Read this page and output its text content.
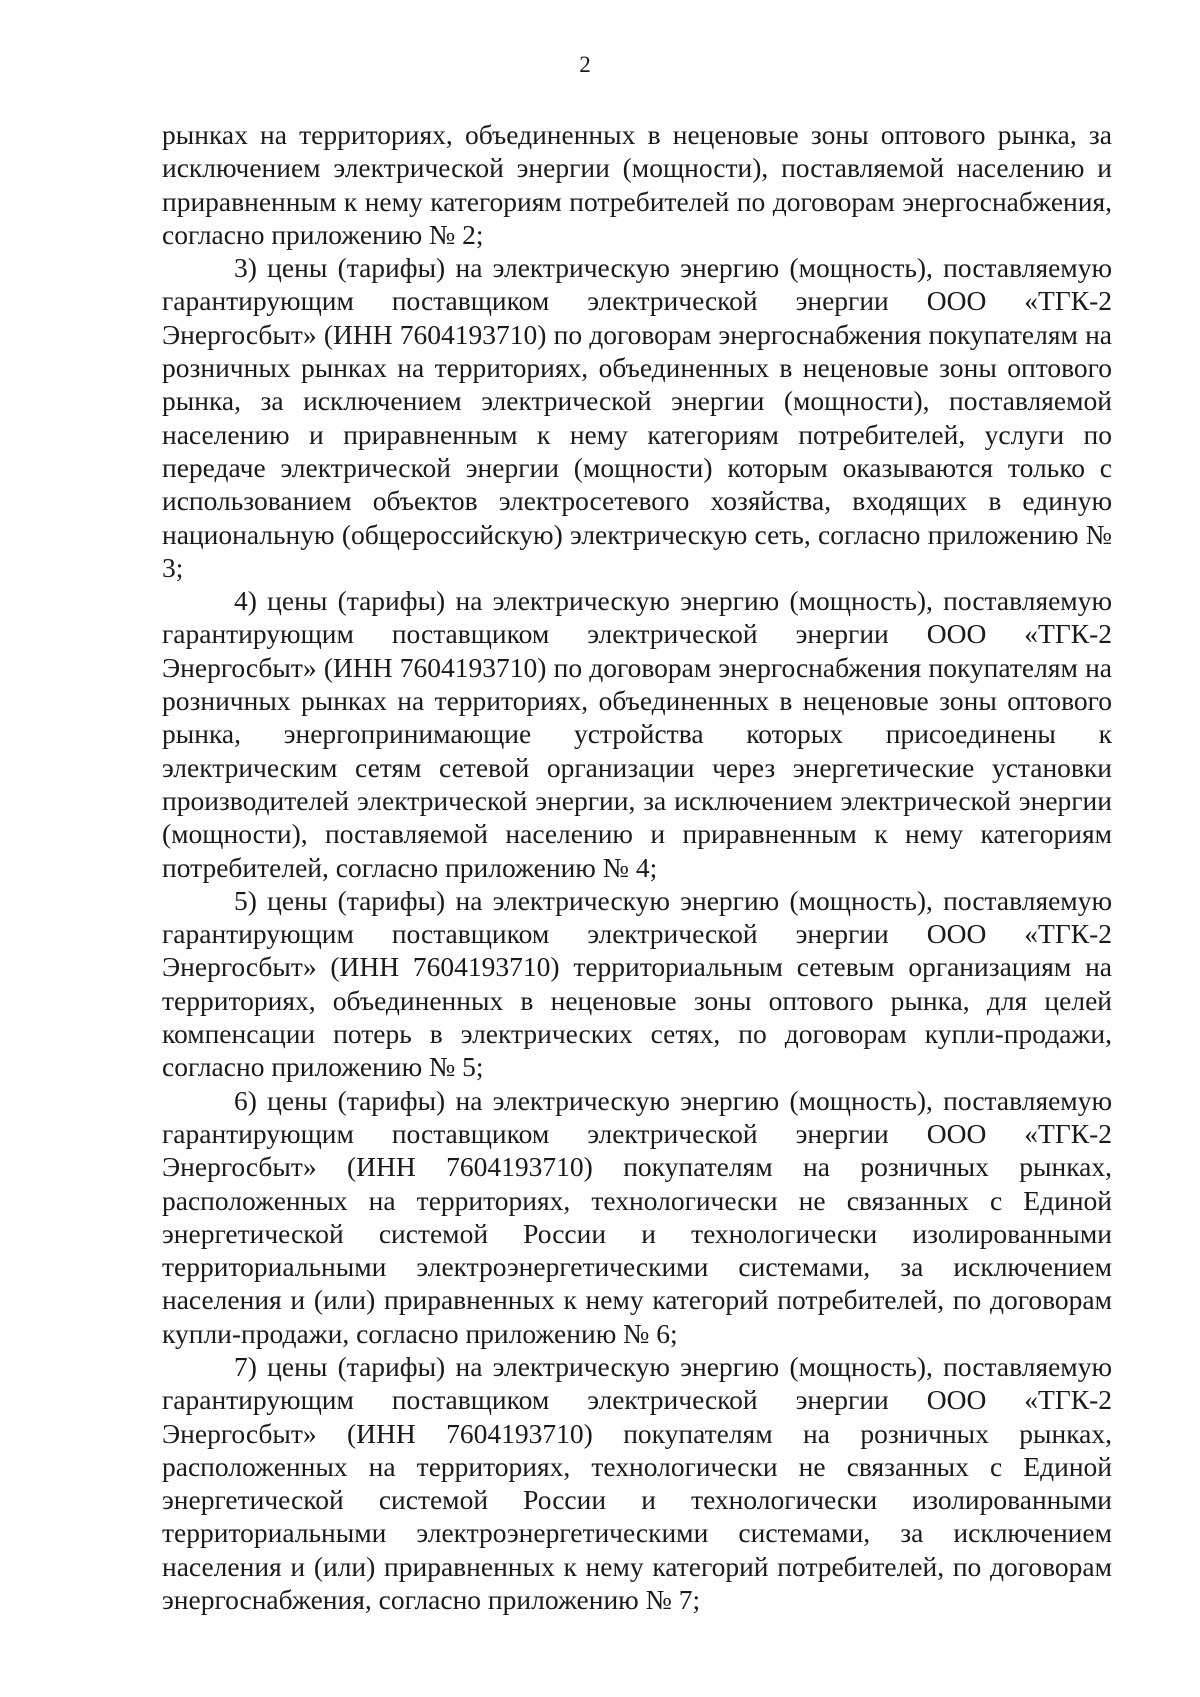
2

рынках на территориях, объединенных в неценовые зоны оптового рынка, за исключением электрической энергии (мощности), поставляемой населению и приравненным к нему категориям потребителей по договорам энергоснабжения, согласно приложению № 2;

3) цены (тарифы) на электрическую энергию (мощность), поставляемую гарантирующим поставщиком электрической энергии ООО «ТГК-2 Энергосбыт» (ИНН 7604193710) по договорам энергоснабжения покупателям на розничных рынках на территориях, объединенных в неценовые зоны оптового рынка, за исключением электрической энергии (мощности), поставляемой населению и приравненным к нему категориям потребителей, услуги по передаче электрической энергии (мощности) которым оказываются только с использованием объектов электросетевого хозяйства, входящих в единую национальную (общероссийскую) электрическую сеть, согласно приложению № 3;

4) цены (тарифы) на электрическую энергию (мощность), поставляемую гарантирующим поставщиком электрической энергии ООО «ТГК-2 Энергосбыт» (ИНН 7604193710) по договорам энергоснабжения покупателям на розничных рынках на территориях, объединенных в неценовые зоны оптового рынка, энергопринимающие устройства которых присоединены к электрическим сетям сетевой организации через энергетические установки производителей электрической энергии, за исключением электрической энергии (мощности), поставляемой населению и приравненным к нему категориям потребителей, согласно приложению № 4;

5) цены (тарифы) на электрическую энергию (мощность), поставляемую гарантирующим поставщиком электрической энергии ООО «ТГК-2 Энергосбыт» (ИНН 7604193710) территориальным сетевым организациям на территориях, объединенных в неценовые зоны оптового рынка, для целей компенсации потерь в электрических сетях, по договорам купли-продажи, согласно приложению № 5;

6) цены (тарифы) на электрическую энергию (мощность), поставляемую гарантирующим поставщиком электрической энергии ООО «ТГК-2 Энергосбыт» (ИНН 7604193710) покупателям на розничных рынках, расположенных на территориях, технологически не связанных с Единой энергетической системой России и технологически изолированными территориальными электроэнергетическими системами, за исключением населения и (или) приравненных к нему категорий потребителей, по договорам купли-продажи, согласно приложению № 6;

7) цены (тарифы) на электрическую энергию (мощность), поставляемую гарантирующим поставщиком электрической энергии ООО «ТГК-2 Энергосбыт» (ИНН 7604193710) покупателям на розничных рынках, расположенных на территориях, технологически не связанных с Единой энергетической системой России и технологически изолированными территориальными электроэнергетическими системами, за исключением населения и (или) приравненных к нему категорий потребителей, по договорам энергоснабжения, согласно приложению № 7;
